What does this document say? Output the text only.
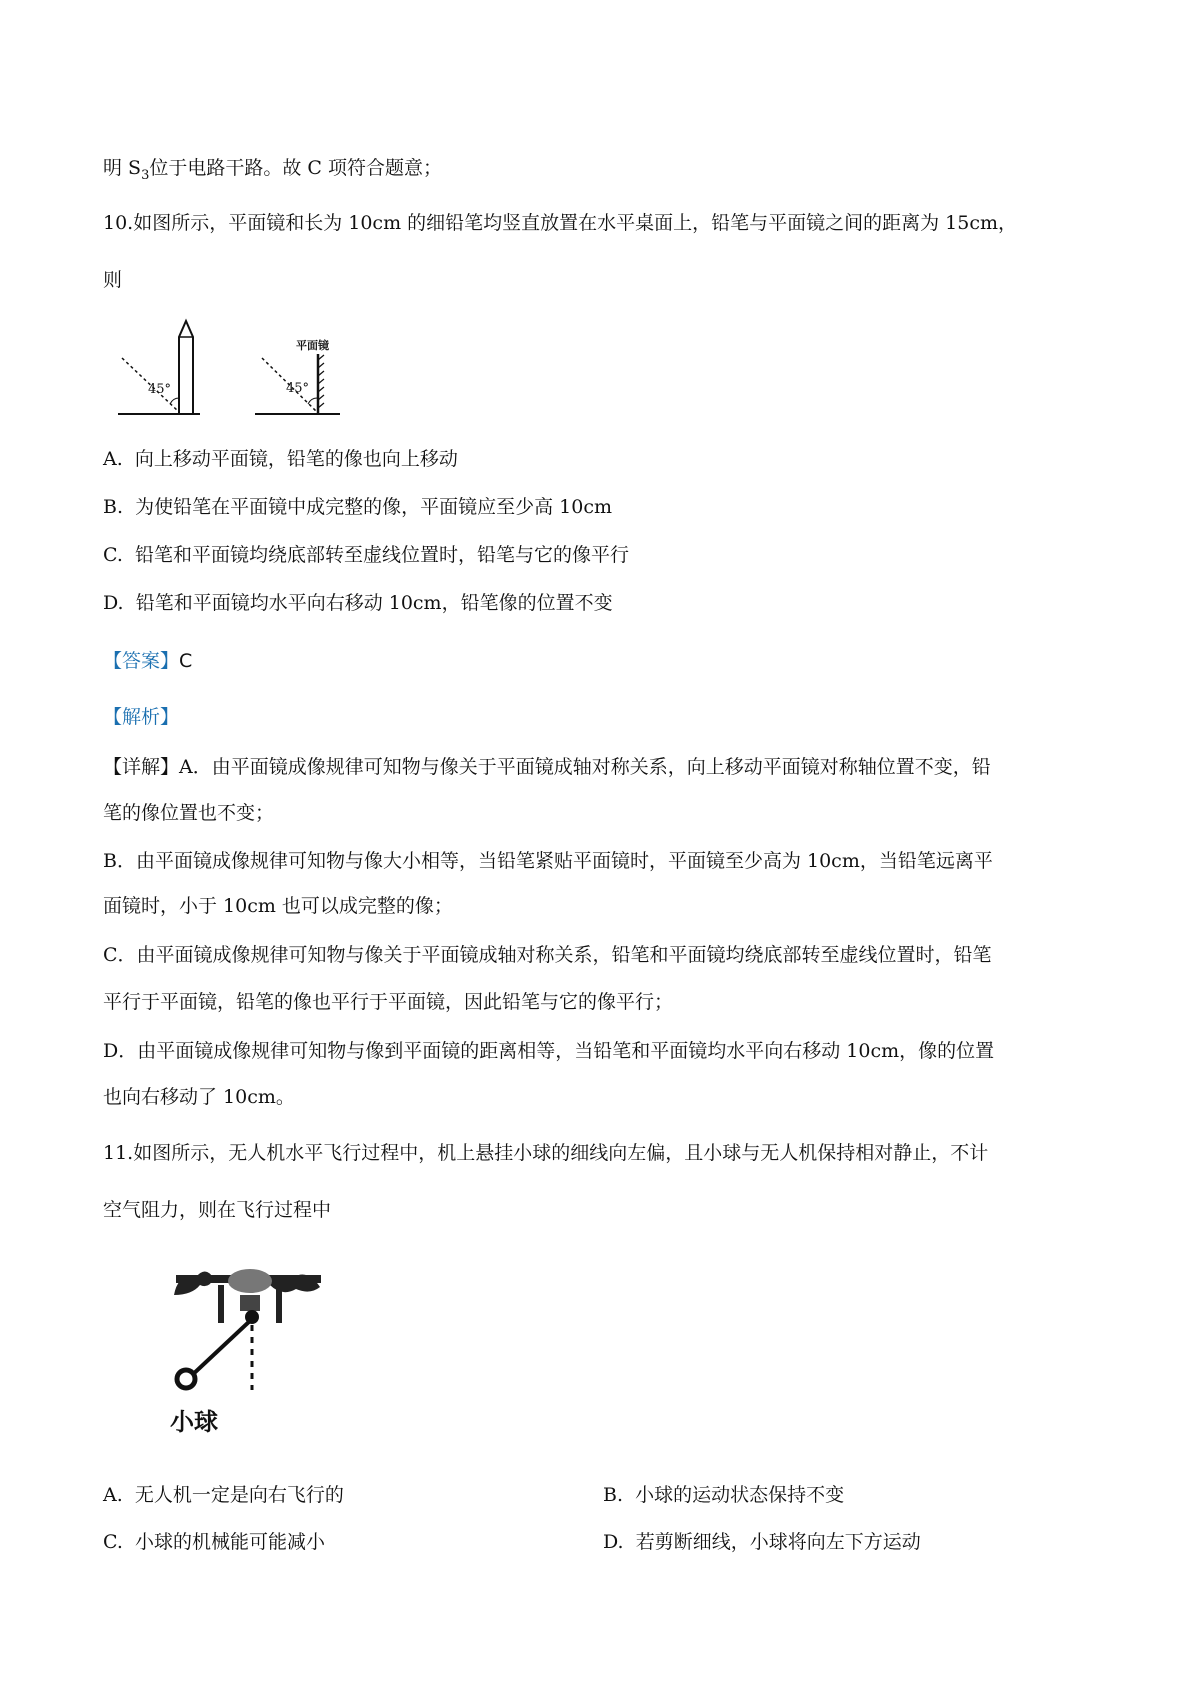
明 $S_3$位于电路干路。故 C 项符合题意；
10.如图所示，平面镜和长为 10cm 的细铅笔均竖直放置在水平桌面上，铅笔与平面镜之间的距离为 15cm，
则
45°	45°
平面镜
A. 向上移动平面镜，铅笔的像也向上移动
B. 为使铅笔在平面镜中成完整的像，平面镜应至少高 10cm
C. 铅笔和平面镜均绕底部转至虚线位置时，铅笔与它的像平行
D. 铅笔和平面镜均水平向右移动 10cm，铅笔像的位置不变
【答案】C
【解析】
【详解】A．由平面镜成像规律可知物与像关于平面镜成轴对称关系，向上移动平面镜对称轴位置不变，铅
笔的像位置也不变；
B．由平面镜成像规律可知物与像大小相等，当铅笔紧贴平面镜时，平面镜至少高为 10cm，当铅笔远离平
面镜时，小于 10cm 也可以成完整的像；
C．由平面镜成像规律可知物与像关于平面镜成轴对称关系，铅笔和平面镜均绕底部转至虚线位置时，铅笔
平行于平面镜，铅笔的像也平行于平面镜，因此铅笔与它的像平行；
D．由平面镜成像规律可知物与像到平面镜的距离相等，当铅笔和平面镜均水平向右移动 10cm，像的位置
也向右移动了 10cm。
11.如图所示，无人机水平飞行过程中，机上悬挂小球的细线向左偏，且小球与无人机保持相对静止，不计
空气阻力，则在飞行过程中
小球
A. 无人机一定是向右飞行的	B. 小球的运动状态保持不变
C. 小球的机械能可能减小	D. 若剪断细线，小球将向左下方运动
